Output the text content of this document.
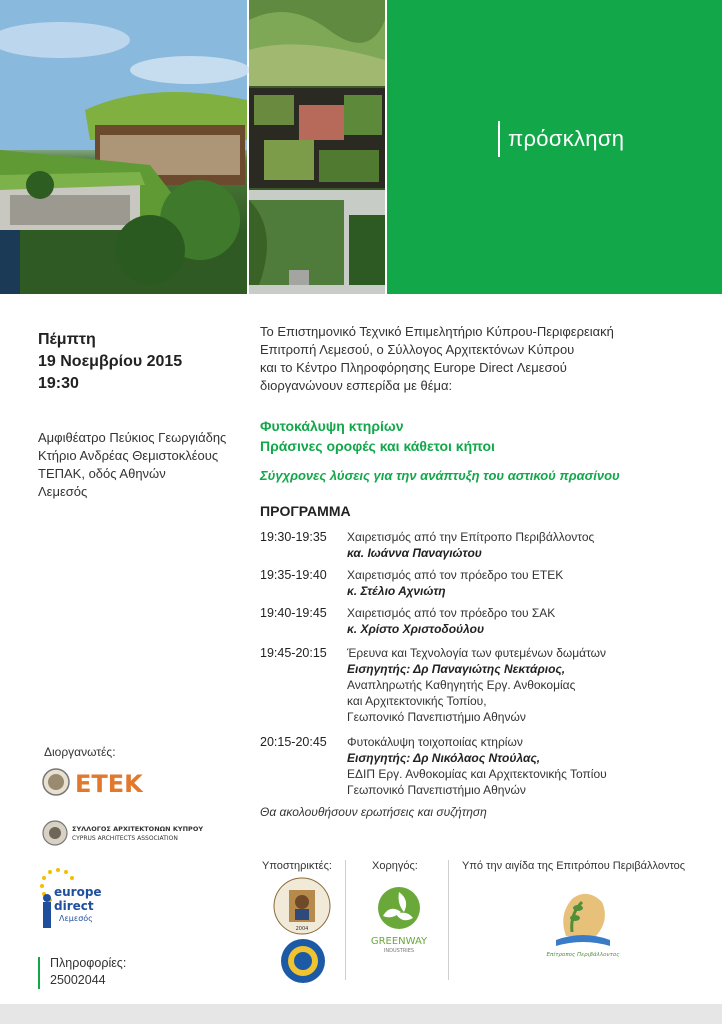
πρόσκληση
Πέμπτη
19 Νοεμβρίου 2015
19:30
Αμφιθέατρο Πεύκιος Γεωργιάδης
Κτήριο Ανδρέας Θεμιστοκλέους
ΤΕΠΑΚ, οδός Αθηνών
Λεμεσός
Το Επιστημονικό Τεχνικό Επιμελητήριο Κύπρου-Περιφερειακή
Επιτροπή Λεμεσού, ο Σύλλογος Αρχιτεκτόνων Κύπρου
και το Κέντρο Πληροφόρησης Europe Direct Λεμεσού
διοργανώνουν εσπερίδα με θέμα:
Φυτοκάλυψη κτηρίων
Πράσινες οροφές και κάθετοι κήποι
Σύγχρονες λύσεις για την ανάπτυξη του αστικού πρασίνου
ΠΡΟΓΡΑΜΜΑ
19:30-19:35	Χαιρετισμός από την Επίτροπο Περιβάλλοντος
κα. Ιωάννα Παναγιώτου
19:35-19:40	Χαιρετισμός από τον πρόεδρο του ΕΤΕΚ
κ. Στέλιο Αχνιώτη
19:40-19:45	Χαιρετισμός από τον πρόεδρο του ΣΑΚ
κ. Χρίστο Χριστοδούλου
19:45-20:15	Έρευνα και Τεχνολογία των φυτεμένων δωμάτων
Εισηγητής: Δρ Παναγιώτης Νεκτάριος,
Αναπληρωτής Καθηγητής Εργ. Ανθοκομίας
και Αρχιτεκτονικής Τοπίου,
Γεωπονικό Πανεπιστήμιο Αθηνών
20:15-20:45	Φυτοκάλυψη τοιχοποιίας κτηρίων
Εισηγητής: Δρ Νικόλαος Ντούλας,
ΕΔΙΠ Εργ. Ανθοκομίας και Αρχιτεκτονικής Τοπίου
Γεωπονικό Πανεπιστήμιο Αθηνών
Θα ακολουθήσουν ερωτήσεις και συζήτηση
Διοργανωτές:
ΕΤΕΚ
ΣΥΛΛΟΓΟΣ ΑΡΧΙΤΕΚΤΟΝΩΝ ΚΥΠΡΟΥ
CYPRUS ARCHITECTS ASSOCIATION
europe
direct
Λεμεσός
Πληροφορίες:
25002044
Υποστηρικτές:	Χορηγός:	Υπό την αιγίδα της Επιτρόπου Περιβάλλοντος
2004
GREENWAY
INDUSTRIES
Επίτροπος Περιβάλλοντος
